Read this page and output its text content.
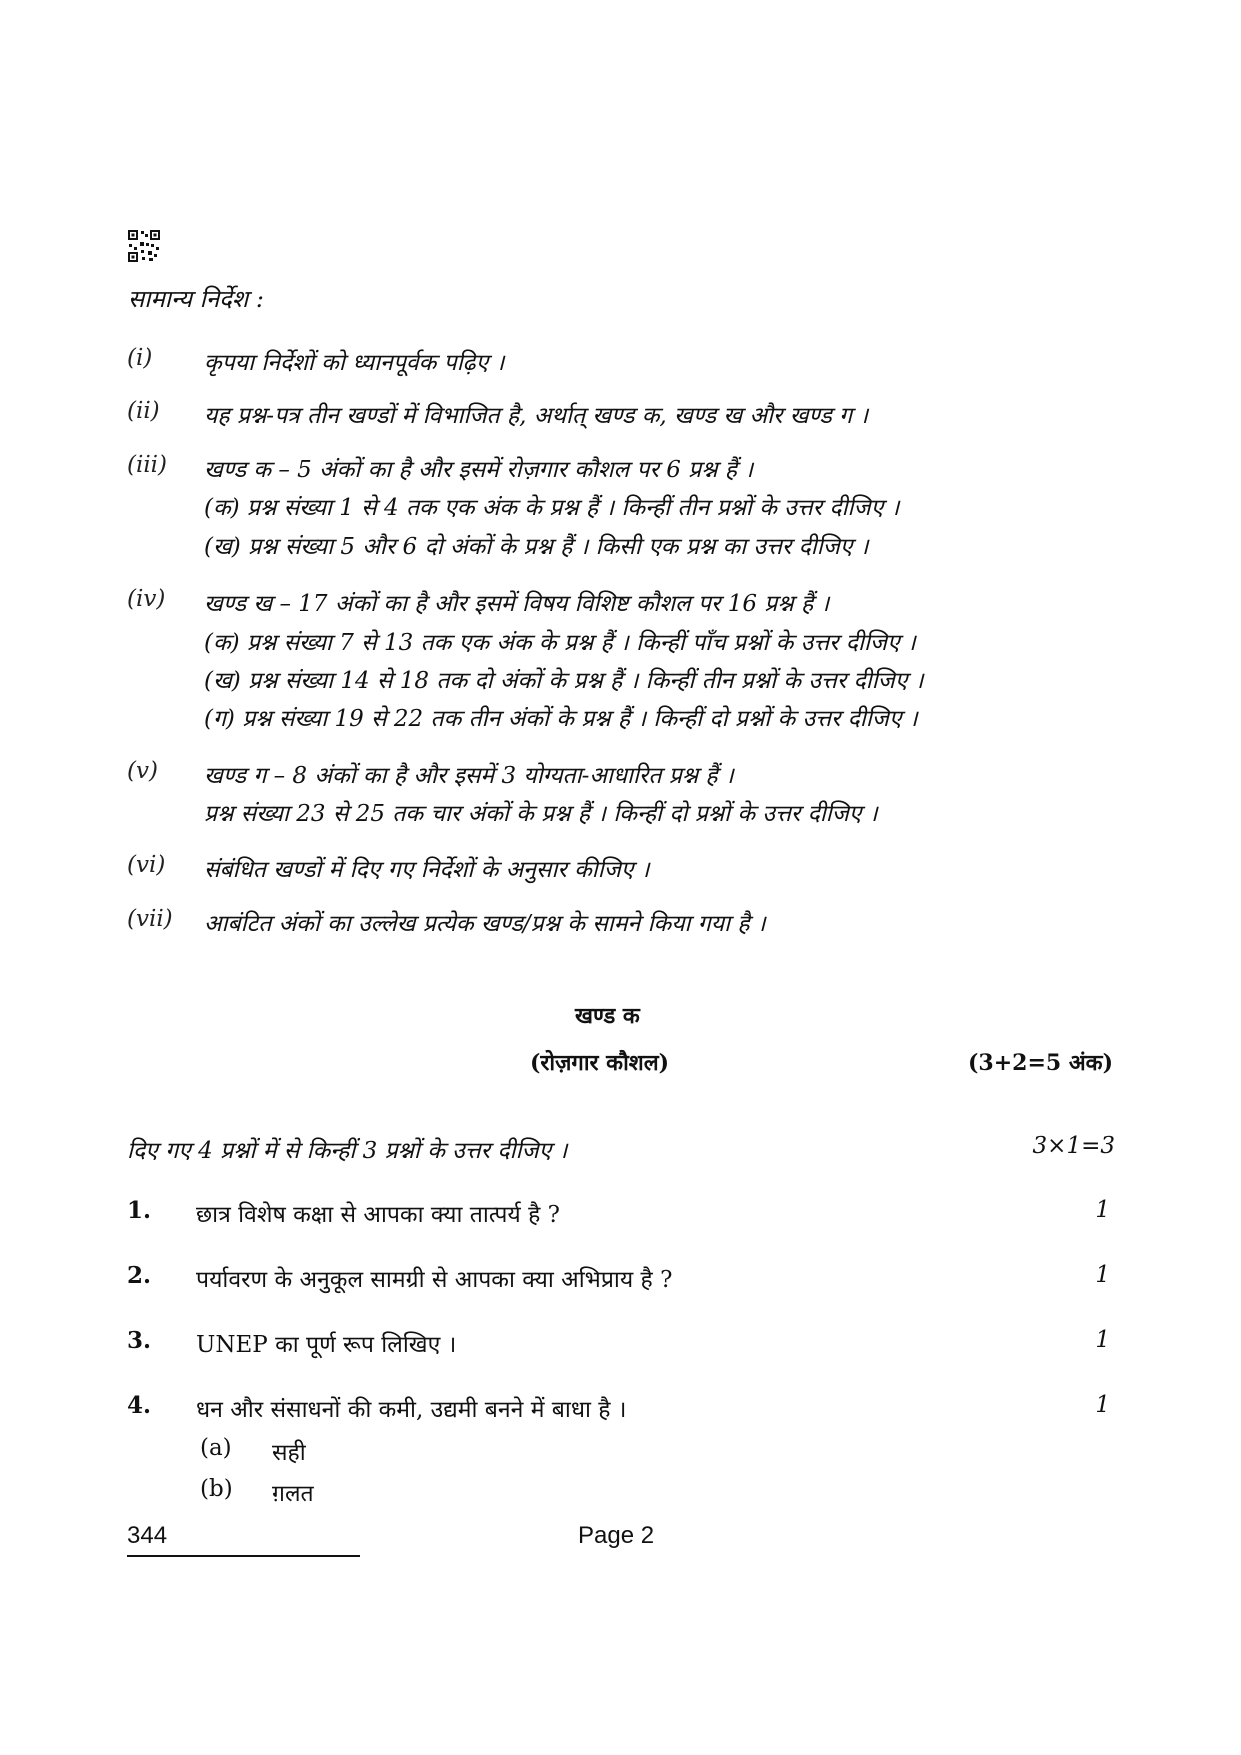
सामान्य निर्देश :
(i) कृपया निर्देशों को ध्यानपूर्वक पढ़िए ।
(ii) यह प्रश्न-पत्र तीन खण्डों में विभाजित है, अर्थात् खण्ड क, खण्ड ख और खण्ड ग ।
(iii) खण्ड क – 5 अंकों का है और इसमें रोज़गार कौशल पर 6 प्रश्न हैं ।
(क) प्रश्न संख्या 1 से 4 तक एक अंक के प्रश्न हैं । किन्हीं तीन प्रश्नों के उत्तर दीजिए ।
(ख) प्रश्न संख्या 5 और 6 दो अंकों के प्रश्न हैं । किसी एक प्रश्न का उत्तर दीजिए ।
(iv) खण्ड ख – 17 अंकों का है और इसमें विषय विशिष्ट कौशल पर 16 प्रश्न हैं ।
(क) प्रश्न संख्या 7 से 13 तक एक अंक के प्रश्न हैं । किन्हीं पाँच प्रश्नों के उत्तर दीजिए ।
(ख) प्रश्न संख्या 14 से 18 तक दो अंकों के प्रश्न हैं । किन्हीं तीन प्रश्नों के उत्तर दीजिए ।
(ग) प्रश्न संख्या 19 से 22 तक तीन अंकों के प्रश्न हैं । किन्हीं दो प्रश्नों के उत्तर दीजिए ।
(v) खण्ड ग – 8 अंकों का है और इसमें 3 योग्यता-आधारित प्रश्न हैं ।
प्रश्न संख्या 23 से 25 तक चार अंकों के प्रश्न हैं । किन्हीं दो प्रश्नों के उत्तर दीजिए ।
(vi) संबंधित खण्डों में दिए गए निर्देशों के अनुसार कीजिए ।
(vii) आबंटित अंकों का उल्लेख प्रत्येक खण्ड/प्रश्न के सामने किया गया है ।
खण्ड क
(रोज़गार कौशल)	(3+2=5 अंक)
दिए गए 4 प्रश्नों में से किन्हीं 3 प्रश्नों के उत्तर दीजिए ।	3×1=3
1. छात्र विशेष कक्षा से आपका क्या तात्पर्य है ?	1
2. पर्यावरण के अनुकूल सामग्री से आपका क्या अभिप्राय है ?	1
3. UNEP का पूर्ण रूप लिखिए ।	1
4. धन और संसाधनों की कमी, उद्यमी बनने में बाधा है ।	1
(a) सही
(b) ग़लत
344	Page 2
